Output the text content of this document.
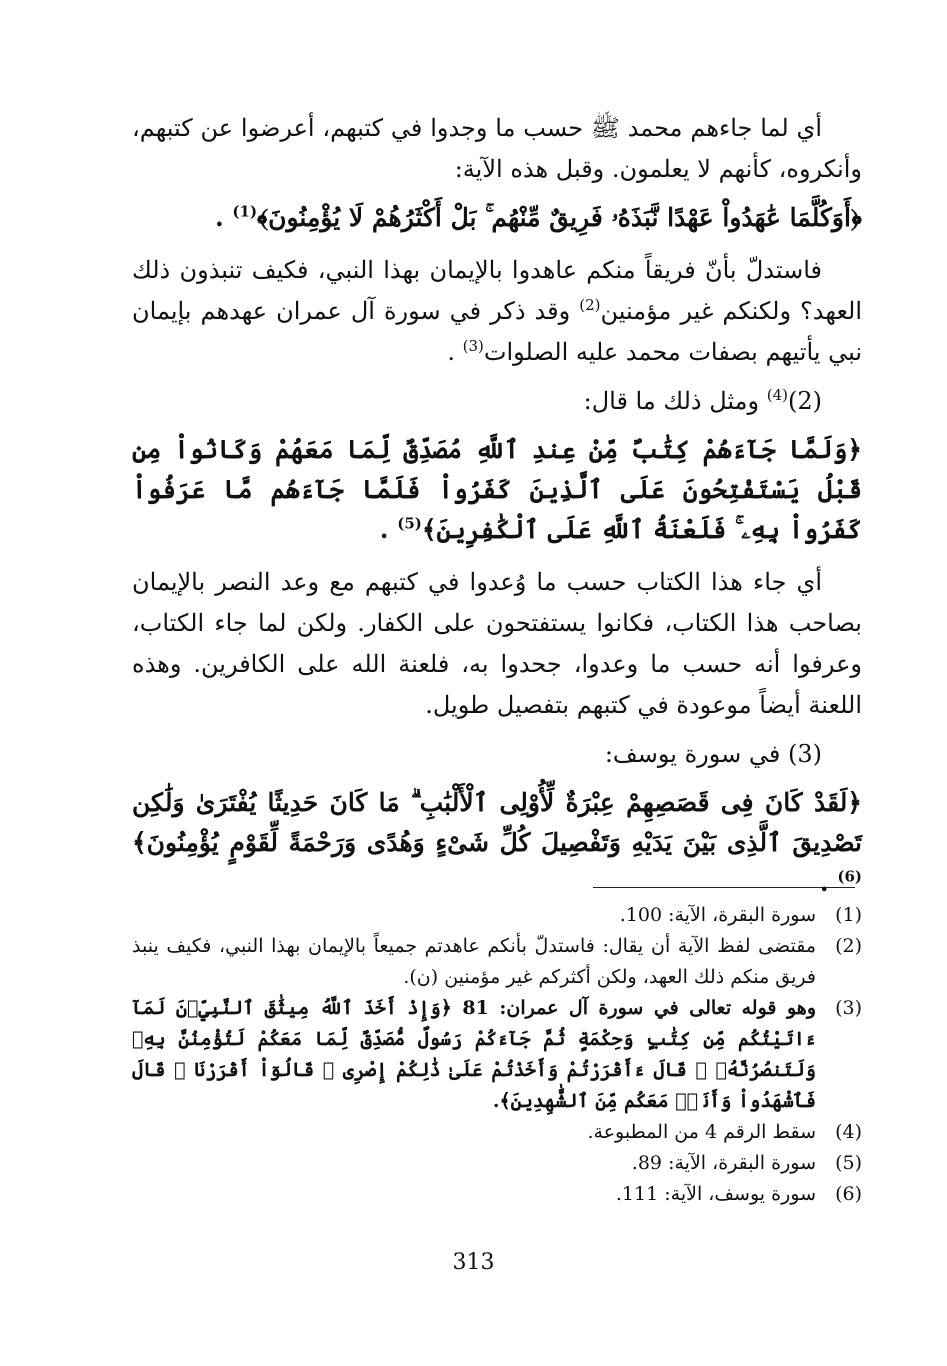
أي لما جاءهم محمد ﷺ حسب ما وجدوا في كتبهم، أعرضوا عن كتبهم، وأنكروه، كأنهم لا يعلمون. وقبل هذه الآية:

﴿أَوَكُلَّمَا عَٰهَدُواْ عَهْدًا نَّبَذَهُۥ فَرِيقٌ مِّنْهُم ۚ بَلْ أَكْثَرُهُمْ لَا يُؤْمِنُونَ﴾$^{(1)}$ .

فاستدلّ بأنّ فريقاً منكم عاهدوا بالإيمان بهذا النبي، فكيف تنبذون ذلك العهد؟ ولكنكم غير مؤمنين$^{(2)}$ وقد ذكر في سورة آل عمران عهدهم بإيمان نبي يأتيهم بصفات محمد عليه الصلوات$^{(3)}$ .

$(2)^{(4)}$ ومثل ذلك ما قال:

﴿وَلَمَّا جَآءَهُمْ كِتَٰبٌ مِّنْ عِندِ ٱللَّهِ مُصَدِّقٌ لِّمَا مَعَهُمْ وَكَانُواْ مِن قَبْلُ يَسْتَفْتِحُونَ عَلَى ٱلَّذِينَ كَفَرُواْ فَلَمَّا جَآءَهُم مَّا عَرَفُواْ كَفَرُواْ بِهِۦ ۚ فَلَعْنَةُ ٱللَّهِ عَلَى ٱلْكَٰفِرِينَ﴾$^{(5)}$ .

أي جاء هذا الكتاب حسب ما وُعدوا في كتبهم مع وعد النصر بالإيمان بصاحب هذا الكتاب، فكانوا يستفتحون على الكفار. ولكن لما جاء الكتاب، وعرفوا أنه حسب ما وعدوا، جحدوا به، فلعنة الله على الكافرين. وهذه اللعنة أيضاً موعودة في كتبهم بتفصيل طويل.

(3) في سورة يوسف:

﴿لَقَدْ كَانَ فِى قَصَصِهِمْ عِبْرَةٌ لِّأُوْلِى ٱلْأَلْبَٰبِ ۗ مَا كَانَ حَدِيثًا يُفْتَرَىٰ وَلَٰكِن تَصْدِيقَ ٱلَّذِى بَيْنَ يَدَيْهِ وَتَفْصِيلَ كُلِّ شَىْءٍ وَهُدًى وَرَحْمَةً لِّقَوْمٍ يُؤْمِنُونَ﴾$^{(6)}$ .

(1)
سورة البقرة، الآية: 100.
(2)
مقتضى لفظ الآية أن يقال: فاستدلّ بأنكم عاهدتم جميعاً بالإيمان بهذا النبي، فكيف ينبذ فريق منكم ذلك العهد، ولكن أكثركم غير مؤمنين (ن).
(3)
وهو قوله تعالى في سورة آل عمران: 81 ﴿وَإِذْ أَخَذَ ٱللَّهُ مِيثَٰقَ ٱلنَّبِيِّۦنَ لَمَآ ءَاتَيْتُكُم مِّن كِتَٰبٍ وَحِكْمَةٍ ثُمَّ جَآءَكُمْ رَسُولٌ مُّصَدِّقٌ لِّمَا مَعَكُمْ لَتُؤْمِنُنَّ بِهِۦ وَلَتَنصُرُنَّهُۥ ۚ قَالَ ءَأَقْرَرْتُمْ وَأَخَذْتُمْ عَلَىٰ ذَٰلِكُمْ إِصْرِى ۖ قَالُوٓاْ أَقْرَرْنَا ۚ قَالَ فَٱشْهَدُواْ وَأَنَا۠ مَعَكُم مِّنَ ٱلشَّٰهِدِينَ﴾.
(4)
سقط الرقم 4 من المطبوعة.
(5)
سورة البقرة، الآية: 89.
(6)
سورة يوسف، الآية: 111.
313
